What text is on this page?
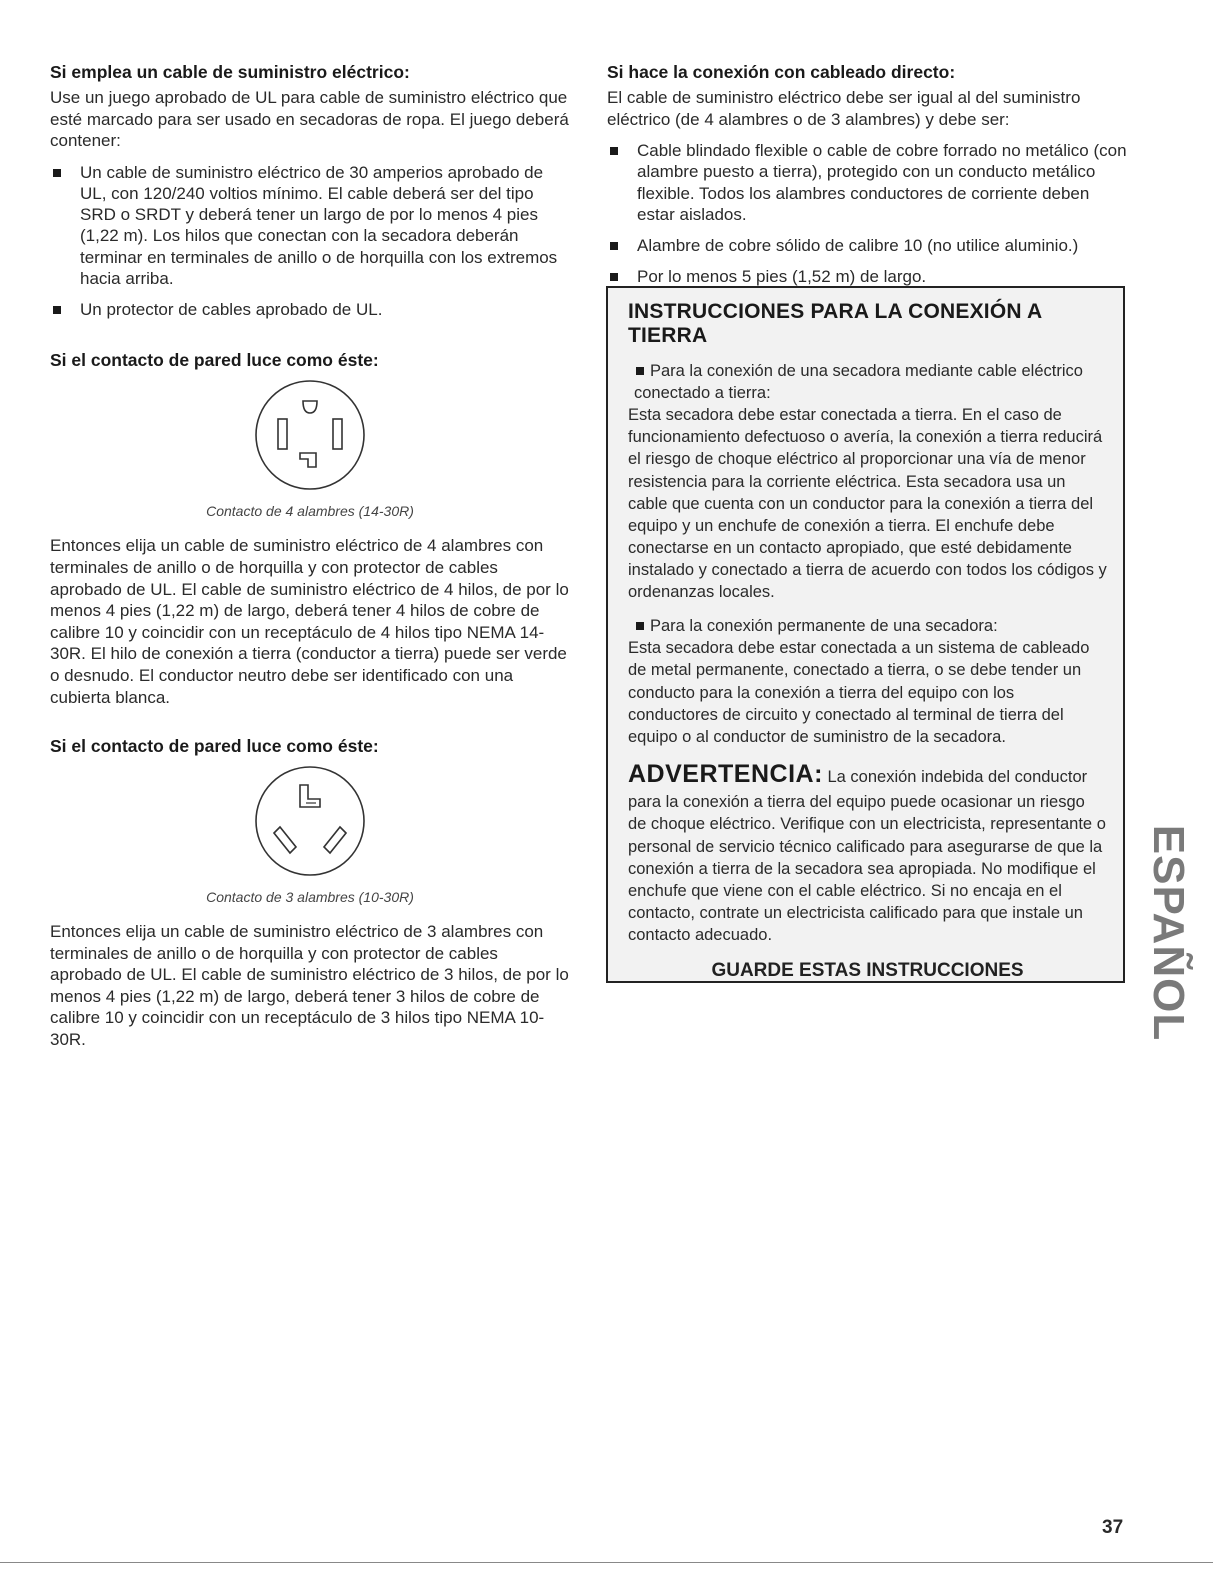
Si emplea un cable de suministro eléctrico:

Use un juego aprobado de UL para cable de suministro eléctrico que esté marcado para ser usado en secadoras de ropa. El juego deberá contener:

Un cable de suministro eléctrico de 30 amperios aprobado de UL, con 120/240 voltios mínimo. El cable deberá ser del tipo SRD o SRDT y deberá tener un largo de por lo menos 4 pies (1,22 m). Los hilos que conectan con la secadora deberán terminar en terminales de anillo o de horquilla con los extremos hacia arriba.
Un protector de cables aprobado de UL.
Si el contacto de pared luce como éste:
Contacto de 4 alambres (14-30R)

Entonces elija un cable de suministro eléctrico de 4 alambres con terminales de anillo o de horquilla y con protector de cables aprobado de UL. El cable de suministro eléctrico de 4 hilos, de por lo menos 4 pies (1,22 m) de largo, deberá tener 4 hilos de cobre de calibre 10 y coincidir con un receptáculo de 4 hilos tipo NEMA 14-30R. El hilo de conexión a tierra (conductor a tierra) puede ser verde o desnudo. El conductor neutro debe ser identificado con una cubierta blanca.

Si el contacto de pared luce como éste:
Contacto de 3 alambres (10-30R)

Entonces elija un cable de suministro eléctrico de 3 alambres con terminales de anillo o de horquilla y con protector de cables aprobado de UL. El cable de suministro eléctrico de 3 hilos, de por lo menos 4 pies (1,22 m) de largo, deberá tener 3 hilos de cobre de calibre 10 y coincidir con un receptáculo de 3 hilos tipo NEMA 10-30R.

Si hace la conexión con cableado directo:

El cable de suministro eléctrico debe ser igual al del suministro eléctrico (de 4 alambres o de 3 alambres) y debe ser:

Cable blindado flexible o cable de cobre forrado no metálico (con alambre puesto a tierra), protegido con un conducto metálico flexible. Todos los alambres conductores de corriente deben estar aislados.
Alambre de cobre sólido de calibre 10 (no utilice aluminio.)
Por lo menos 5 pies (1,52 m) de largo.
INSTRUCCIONES PARA LA CONEXIÓN A TIERRA

Para la conexión de una secadora mediante cable eléctrico conectado a tierra:

Esta secadora debe estar conectada a tierra. En el caso de funcionamiento defectuoso o avería, la conexión a tierra reducirá el riesgo de choque eléctrico al proporcionar una vía de menor resistencia para la corriente eléctrica. Esta secadora usa un cable que cuenta con un conductor para la conexión a tierra del equipo y un enchufe de conexión a tierra. El enchufe debe conectarse en un contacto apropiado, que esté debidamente instalado y conectado a tierra de acuerdo con todos los códigos y ordenanzas locales.

Para la conexión permanente de una secadora:

Esta secadora debe estar conectada a un sistema de cableado de metal permanente, conectado a tierra, o se debe tender un conducto para la conexión a tierra del equipo con los conductores de circuito y conectado al terminal de tierra del equipo o al conductor de suministro de la secadora.

ADVERTENCIA: La conexión indebida del conductor para la conexión a tierra del equipo puede ocasionar un riesgo de choque eléctrico. Verifique con un electricista, representante o personal de servicio técnico calificado para asegurarse de que la conexión a tierra de la secadora sea apropiada. No modifique el enchufe que viene con el cable eléctrico. Si no encaja en el contacto, contrate un electricista calificado para que instale un contacto adecuado.

GUARDE ESTAS INSTRUCCIONES	ESPAÑOL
37
